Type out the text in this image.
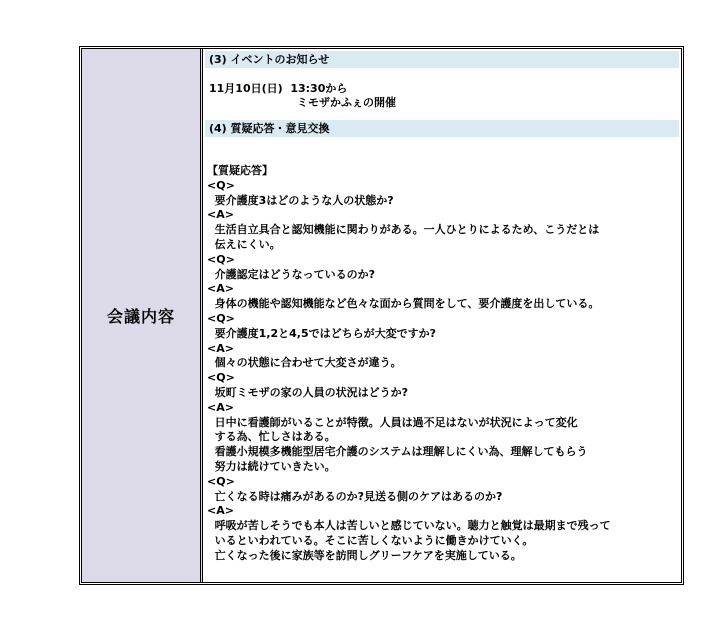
会議内容
(3) イベントのお知らせ
11月10日(日)  13:30から
ミモザかふぇの開催
(4) 質疑応答・意見交換
【質疑応答】
<Q>
要介護度3はどのような人の状態か?
<A>
生活自立具合と認知機能に関わりがある。一人ひとりによるため、こうだとは
伝えにくい。
<Q>
介護認定はどうなっているのか?
<A>
身体の機能や認知機能など色々な面から質問をして、要介護度を出している。
<Q>
要介護度1,2と4,5ではどちらが大変ですか?
<A>
個々の状態に合わせて大変さが違う。
<Q>
坂町ミモザの家の人員の状況はどうか?
<A>
日中に看護師がいることが特徴。人員は過不足はないが状況によって変化
する為、忙しさはある。
看護小規模多機能型居宅介護のシステムは理解しにくい為、理解してもらう
努力は続けていきたい。
<Q>
亡くなる時は痛みがあるのか?見送る側のケアはあるのか?
<A>
呼吸が苦しそうでも本人は苦しいと感じていない。聴力と触覚は最期まで残って
いるといわれている。そこに苦しくないように働きかけていく。
亡くなった後に家族等を訪問しグリーフケアを実施している。
